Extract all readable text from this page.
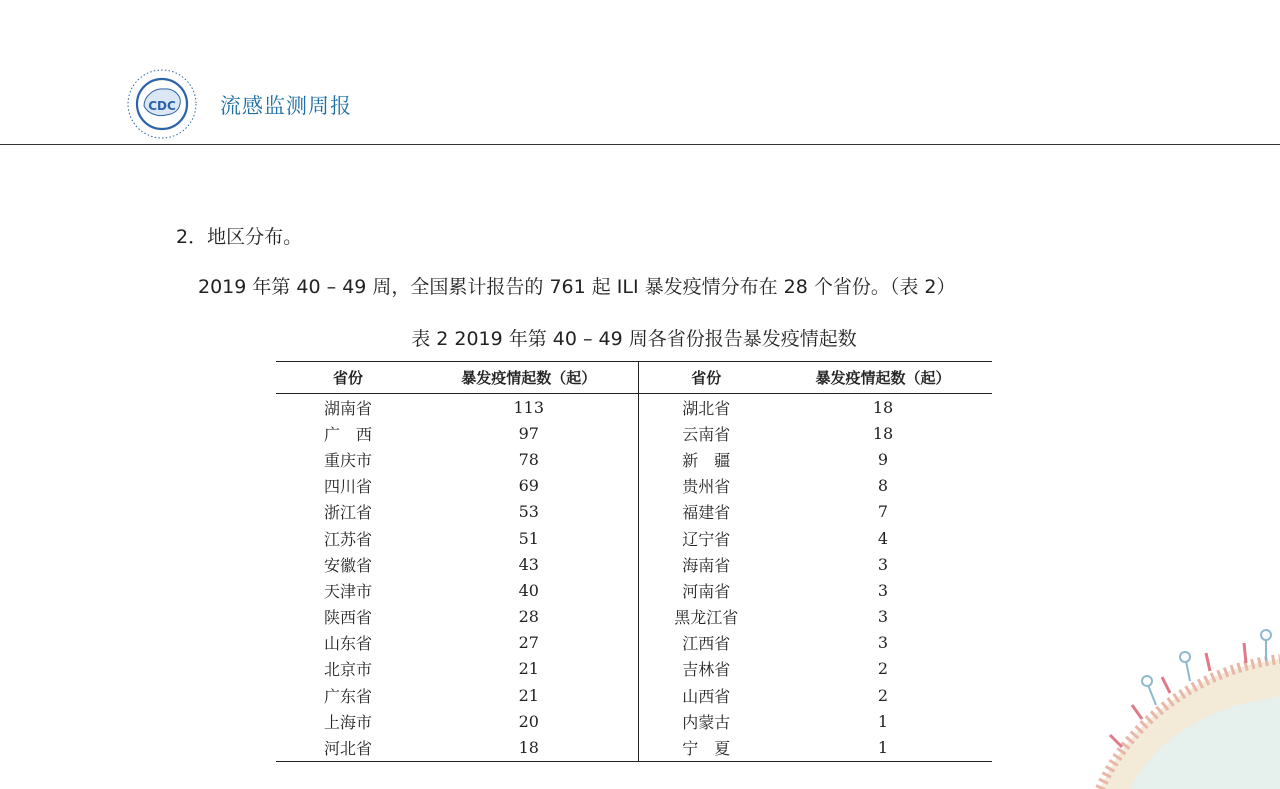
CDC 流感监测周报
2．地区分布。
2019 年第 40 – 49 周，全国累计报告的 761 起 ILI 暴发疫情分布在 28 个省份。（表 2）
表 2 2019 年第 40 – 49 周各省份报告暴发疫情起数
省份	暴发疫情起数（起）	省份	暴发疫情起数（起）
湖南省	113	湖北省	18
广　西	97	云南省	18
重庆市	78	新　疆	9
四川省	69	贵州省	8
浙江省	53	福建省	7
江苏省	51	辽宁省	4
安徽省	43	海南省	3
天津市	40	河南省	3
陕西省	28	黑龙江省	3
山东省	27	江西省	3
北京市	21	吉林省	2
广东省	21	山西省	2
上海市	20	内蒙古	1
河北省	18	宁　夏	1
